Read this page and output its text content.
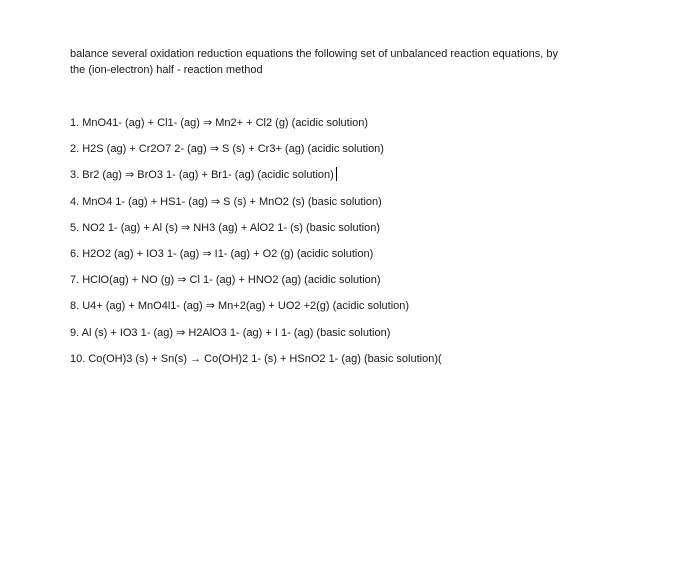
balance several oxidation reduction equations the following set of unbalanced reaction equations, by

the (ion-electron) half - reaction method

1. MnO41- (ag) + Cl1- (ag) ⇒ Mn2+ + Cl2 (g) (acidic solution)
2. H2S (ag) + Cr2O7 2- (ag) ⇒ S (s) + Cr3+ (ag) (acidic solution)
3. Br2 (ag) ⇒ BrO3 1- (ag) + Br1- (ag) (acidic solution)
4. MnO4 1- (ag) + HS1- (ag) ⇒ S (s) + MnO2 (s) (basic solution)
5. NO2 1- (ag) + Al (s) ⇒ NH3 (ag) + AlO2 1- (s) (basic solution)
6. H2O2 (ag) + IO3 1- (ag) ⇒ I1- (ag) + O2 (g) (acidic solution)
7. HClO(ag) + NO (g) ⇒ Cl 1- (ag) + HNO2 (ag) (acidic solution)
8. U4+ (ag) + MnO4l1- (ag) ⇒ Mn+2(ag) + UO2 +2(g) (acidic solution)
9. Al (s) + IO3 1- (ag) ⇒ H2AlO3 1- (ag) + I 1- (ag) (basic solution)
10. Co(OH)3 (s) + Sn(s) → Co(OH)2 1- (s) + HSnO2 1- (ag) (basic solution)(
